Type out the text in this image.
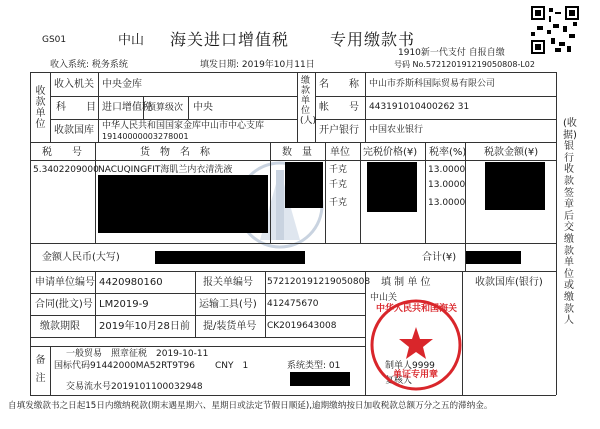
GS01	中山 海关进口增值税	专用缴款书
1910新一代支付 自报自缴
收入系统: 税务系统	填发日期: 2019年10月11日	号码 No.572120191219050808-L02
收款单位
收入机关 中央金库
科　　目 进口增值税
预算级次 中央
收款国库 中华人民共和国国家金库中山市中心支库
19140000003278001
缴款单位(人)
名　　称 中山市乔斯科国际贸易有限公司
帐　　号 443191010400262 31
开户银行 中国农业银行
税　　号	货　物　名　称	数　量 单位 完税价格(¥) 税率(%) 税款金额(¥)
5.3402209000 NACUQINGFIT海肌兰内衣清洗液	千克	13.0000
千克	13.0000
千克	13.0000
金额人民币(大写)	合计(¥)
申请单位编号 4420980160	报关单编号 572120191219050808
合同(批文)号 LM2019-9	运输工具(号) 412475670
缴款期限 2019年10月28日前 提/装货单号 CK2019643008
填 制 单 位	收款国库(银行)
中山关
制单人9999
复核人
中华人民共和国海关
单证专用章
备注
一般贸易　照章征税　2019-10-11
国标代码91442000MA52RT9T96 CNY　1	系统类型: 01
交易流水号2019101100032948
(收据)银行收款签章后交缴款单位或缴款人
自填发缴款书之日起15日内缴纳税款(期末遇星期六、星期日或法定节假日顺延),逾期缴纳按日加收税款总额万分之五的滞纳金。
